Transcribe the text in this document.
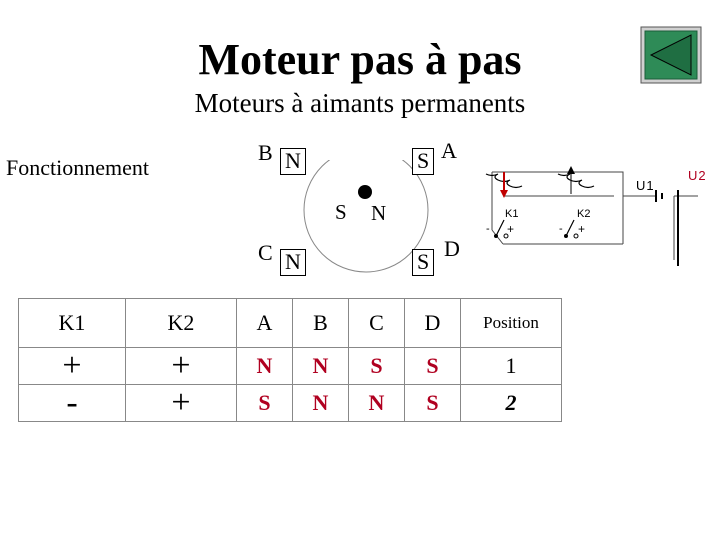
Moteur pas à pas
Moteurs à aimants permanents
Fonctionnement
B N	S A
S N
C N	S
D
K1
- +
K2
- +
U1
U2
K1	K2	A	B	C	D	Position
+	+	N	N	S	S	1
-	+	S	N	N	S	2
